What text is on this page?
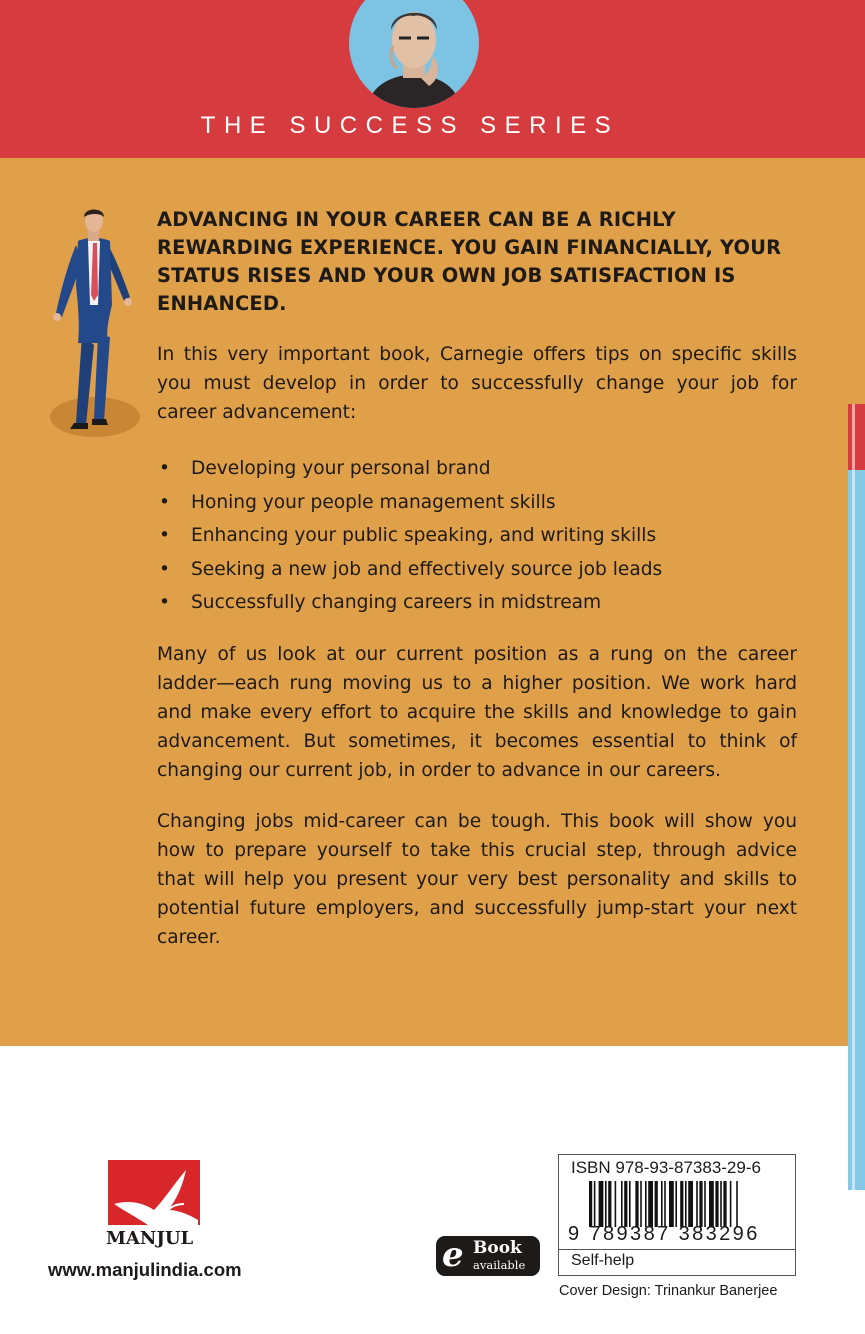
THE SUCCESS SERIES

ADVANCING IN YOUR CAREER CAN BE A RICHLY REWARDING EXPERIENCE. YOU GAIN FINANCIALLY, YOUR STATUS RISES AND YOUR OWN JOB SATISFACTION IS ENHANCED.

In this very important book, Carnegie offers tips on specific skills you must develop in order to successfully change your job for career advancement:

• Developing your personal brand
• Honing your people management skills
• Enhancing your public speaking, and writing skills
• Seeking a new job and effectively source job leads
• Successfully changing careers in midstream

Many of us look at our current position as a rung on the career ladder—each rung moving us to a higher position. We work hard and make every effort to acquire the skills and knowledge to gain advancement. But sometimes, it becomes essential to think of changing our current job, in order to advance in our careers.

Changing jobs mid-career can be tough. This book will show you how to prepare yourself to take this crucial step, through advice that will help you present your very best personality and skills to potential future employers, and successfully jump-start your next career.

MANJUL
www.manjulindia.com	e Book
available
ISBN 978-93-87383-29-6
9 789387 383296
Self-help
Cover Design: Trinankur Banerjee
